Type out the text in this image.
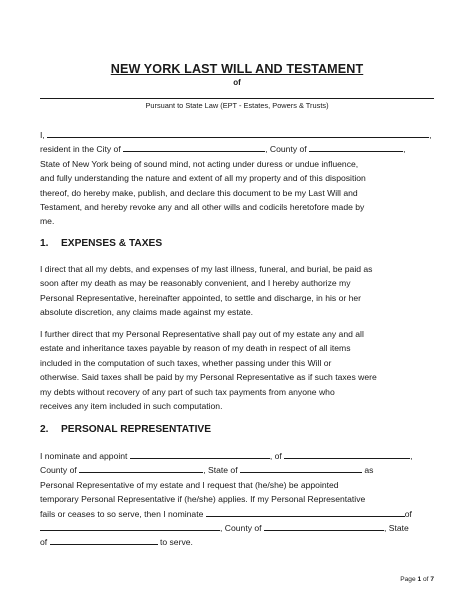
NEW YORK LAST WILL AND TESTAMENT
of
Pursuant to State Law (EPT - Estates, Powers & Trusts)
I,	,
resident in the City of	, County of	,
State of New York being of sound mind, not acting under duress or undue influence,
and fully understanding the nature and extent of all my property and of this disposition
thereof, do hereby make, publish, and declare this document to be my Last Will and
Testament, and hereby revoke any and all other wills and codicils heretofore made by
me.
1. EXPENSES & TAXES
I direct that all my debts, and expenses of my last illness, funeral, and burial, be paid as
soon after my death as may be reasonably convenient, and I hereby authorize my
Personal Representative, hereinafter appointed, to settle and discharge, in his or her
absolute discretion, any claims made against my estate.
I further direct that my Personal Representative shall pay out of my estate any and all
estate and inheritance taxes payable by reason of my death in respect of all items
included in the computation of such taxes, whether passing under this Will or
otherwise. Said taxes shall be paid by my Personal Representative as if such taxes were
my debts without recovery of any part of such tax payments from anyone who
receives any item included in such computation.
2. PERSONAL REPRESENTATIVE
I nominate and appoint	, of	,
County of	, State of	as
Personal Representative of my estate and I request that (he/she) be appointed
temporary Personal Representative if (he/she) applies. If my Personal Representative
fails or ceases to so serve, then I nominate	of
, County of	, State
of	to serve.
Page 1 of 7
